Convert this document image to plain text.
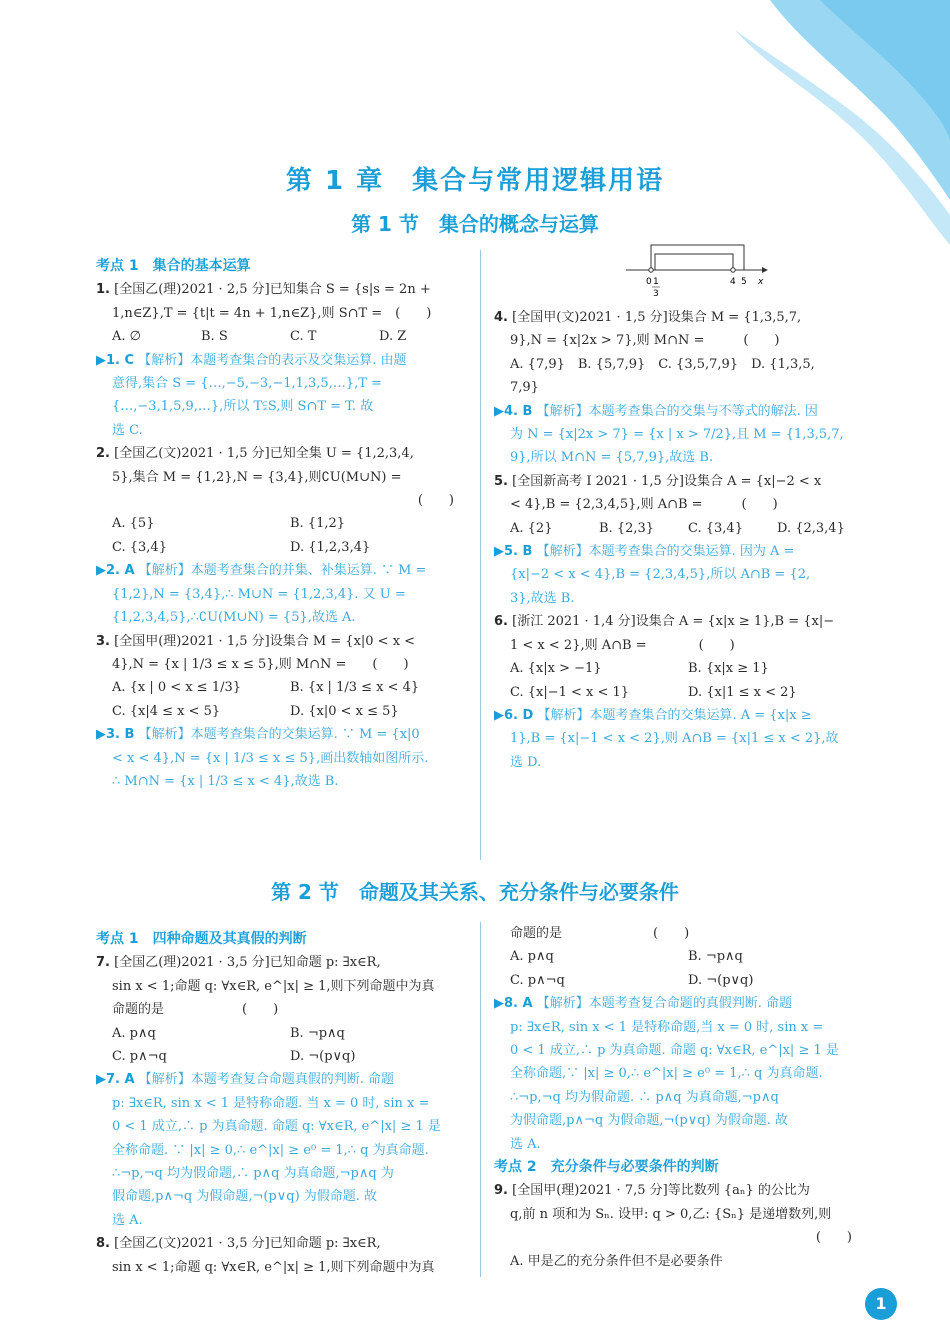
第 1 章　集合与常用逻辑用语
第 1 节　集合的概念与运算
第 2 节　命题及其关系、充分条件与必要条件

考点 1　集合的基本运算

1. [全国乙(理)2021 · 2,5 分]已知集合 S = {s|s = 2n +

1,n∈Z},T = {t|t = 4n + 1,n∈Z},则 S∩T =　(　　)

A. ∅	B. S	C. T	D. Z

▶1. C 【解析】本题考查集合的表示及交集运算. 由题

意得,集合 S = {…,−5,−3,−1,1,3,5,…},T =

{…,−3,1,5,9,…},所以 T⫋S,则 S∩T = T. 故

选 C.

2. [全国乙(文)2021 · 1,5 分]已知全集 U = {1,2,3,4,

5},集合 M = {1,2},N = {3,4},则∁U(M∪N) =

(　　)

A. {5}	B. {1,2}

C. {3,4}	D. {1,2,3,4}

▶2. A 【解析】本题考查集合的并集、补集运算. ∵ M =

{1,2},N = {3,4},∴ M∪N = {1,2,3,4}. 又 U =

{1,2,3,4,5},∴∁U(M∪N) = {5},故选 A.

3. [全国甲(理)2021 · 1,5 分]设集合 M = {x|0 < x <

4},N = {x | 1/3 ≤ x ≤ 5},则 M∩N =　　(　　)

A. {x | 0 < x ≤ 1/3}	B. {x | 1/3 ≤ x < 4}

C. {x|4 ≤ x < 5}	D. {x|0 < x ≤ 5}

▶3. B 【解析】本题考查集合的交集运算. ∵ M = {x|0

< x < 4},N = {x | 1/3 ≤ x ≤ 5},画出数轴如图所示.

∴ M∩N = {x | 1/3 ≤ x < 4},故选 B.

4. [全国甲(文)2021 · 1,5 分]设集合 M = {1,3,5,7,

9},N = {x|2x > 7},则 M∩N =　　　(　　)

A. {7,9}　B. {5,7,9}　C. {3,5,7,9}　D. {1,3,5,

7,9}

▶4. B 【解析】本题考查集合的交集与不等式的解法. 因

为 N = {x|2x > 7} = {x | x > 7/2},且 M = {1,3,5,7,

9},所以 M∩N = {5,7,9},故选 B.

5. [全国新高考 Ⅰ 2021 · 1,5 分]设集合 A = {x|−2 < x

< 4},B = {2,3,4,5},则 A∩B =　　　(　　)

A. {2}	B. {2,3}	C. {3,4}	D. {2,3,4}

▶5. B 【解析】本题考查集合的交集运算. 因为 A =

{x|−2 < x < 4},B = {2,3,4,5},所以 A∩B = {2,

3},故选 B.

6. [浙江 2021 · 1,4 分]设集合 A = {x|x ≥ 1},B = {x|−

1 < x < 2},则 A∩B =　　　　(　　)

A. {x|x > −1}	B. {x|x ≥ 1}

C. {x|−1 < x < 1}	D. {x|1 ≤ x < 2}

▶6. D 【解析】本题考查集合的交集运算. A = {x|x ≥

1},B = {x|−1 < x < 2},则 A∩B = {x|1 ≤ x < 2},故

选 D.

考点 1　四种命题及其真假的判断

7. [全国乙(理)2021 · 3,5 分]已知命题 p: ∃x∈R,

sin x < 1;命题 q: ∀x∈R, e^|x| ≥ 1,则下列命题中为真

命题的是　　　　　　(　　)

A. p∧q	B. ¬p∧q

C. p∧¬q	D. ¬(p∨q)

▶7. A 【解析】本题考查复合命题真假的判断. 命题

p: ∃x∈R, sin x < 1 是特称命题. 当 x = 0 时, sin x =

0 < 1 成立,∴ p 为真命题. 命题 q: ∀x∈R, e^|x| ≥ 1 是

全称命题. ∵ |x| ≥ 0,∴ e^|x| ≥ e⁰ = 1,∴ q 为真命题.

∴¬p,¬q 均为假命题,∴ p∧q 为真命题,¬p∧q 为

假命题,p∧¬q 为假命题,¬(p∨q) 为假命题. 故

选 A.

8. [全国乙(文)2021 · 3,5 分]已知命题 p: ∃x∈R,

sin x < 1;命题 q: ∀x∈R, e^|x| ≥ 1,则下列命题中为真

命题的是　　　　　　　(　　)

A. p∧q	B. ¬p∧q

C. p∧¬q	D. ¬(p∨q)

▶8. A 【解析】本题考查复合命题的真假判断. 命题

p: ∃x∈R, sin x < 1 是特称命题,当 x = 0 时, sin x =

0 < 1 成立,∴ p 为真命题. 命题 q: ∀x∈R, e^|x| ≥ 1 是

全称命题,∵ |x| ≥ 0,∴ e^|x| ≥ e⁰ = 1,∴ q 为真命题.

∴¬p,¬q 均为假命题. ∴ p∧q 为真命题,¬p∧q

为假命题,p∧¬q 为假命题,¬(p∨q) 为假命题. 故

选 A.

考点 2　充分条件与必要条件的判断

9. [全国甲(理)2021 · 7,5 分]等比数列 {aₙ} 的公比为

q,前 n 项和为 Sₙ. 设甲: q > 0,乙: {Sₙ} 是递增数列,则

(　　)

A. 甲是乙的充分条件但不是必要条件

0 1
3
4 5 x
1
